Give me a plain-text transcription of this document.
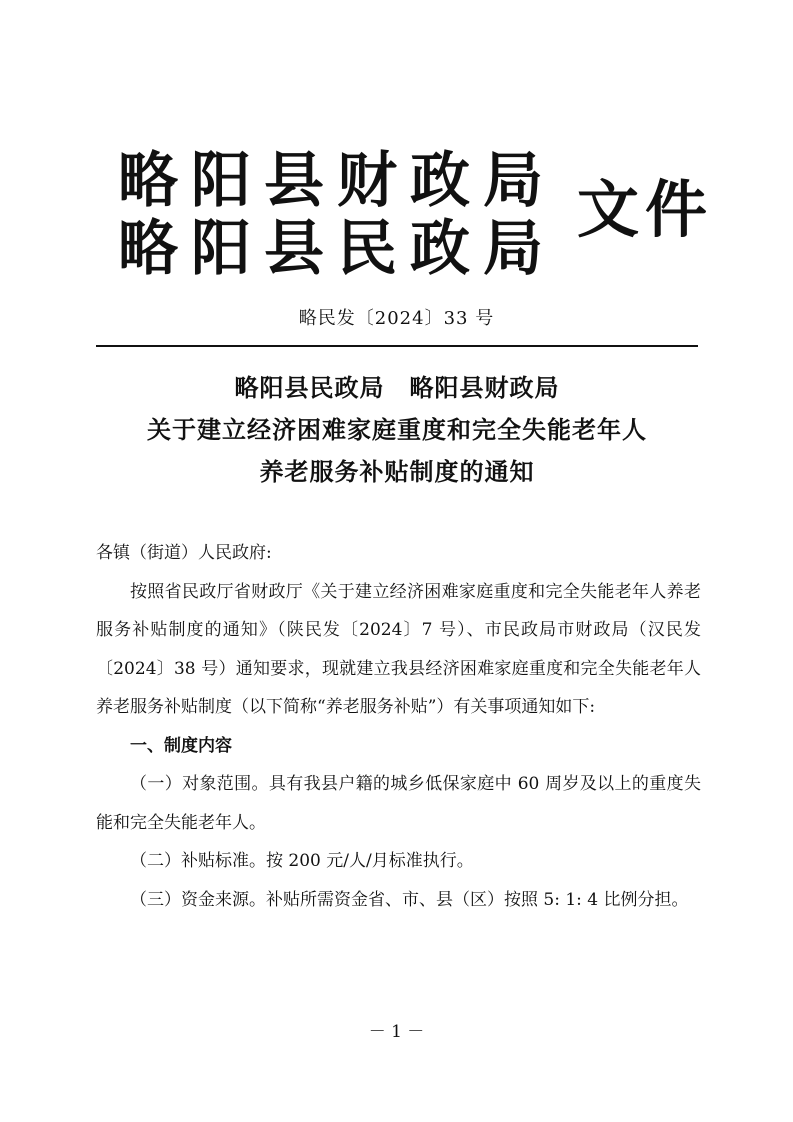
略阳县财政局
略阳县民政局
文件
略民发〔2024〕33 号
略阳县民政局　略阳县财政局
关于建立经济困难家庭重度和完全失能老年人
养老服务补贴制度的通知

各镇（街道）人民政府:

按照省民政厅省财政厅《关于建立经济困难家庭重度和完全失能老年人养老服务补贴制度的通知》（陕民发〔2024〕7 号）、市民政局市财政局（汉民发〔2024〕38 号）通知要求，现就建立我县经济困难家庭重度和完全失能老年人养老服务补贴制度（以下简称“养老服务补贴”）有关事项通知如下:

一、制度内容

（一）对象范围。具有我县户籍的城乡低保家庭中 60 周岁及以上的重度失能和完全失能老年人。

（二）补贴标准。按 200 元/人/月标准执行。

（三）资金来源。补贴所需资金省、市、县（区）按照 5: 1: 4 比例分担。

－ 1 －
